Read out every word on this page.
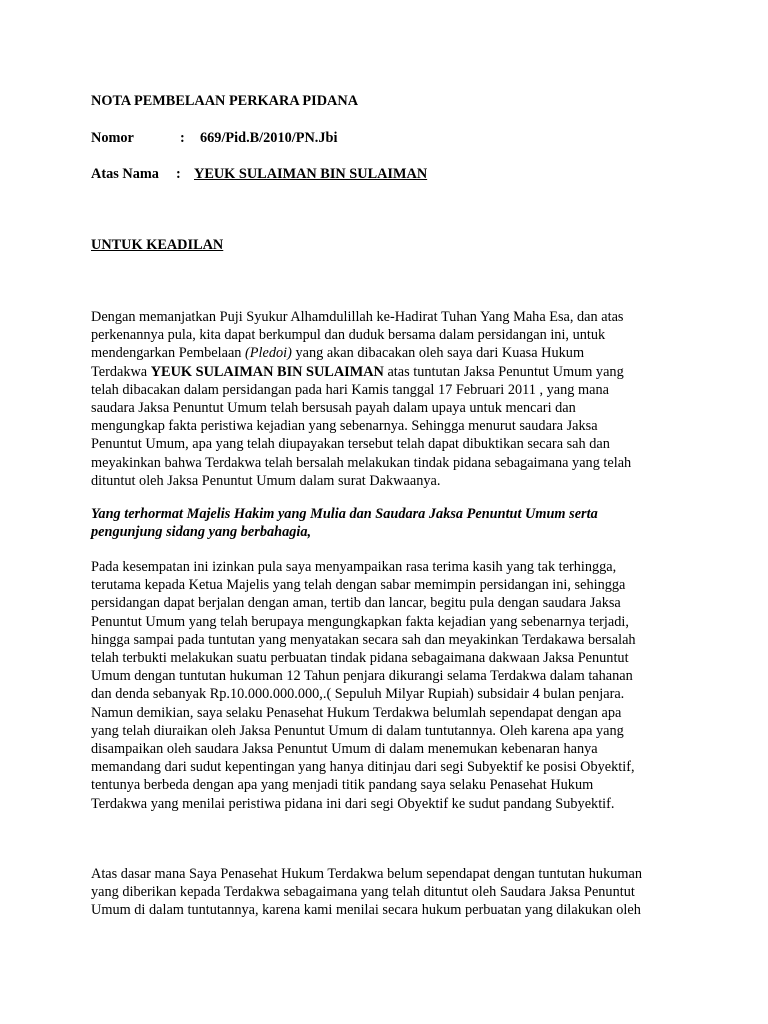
NOTA PEMBELAAN PERKARA PIDANA
Nomor	: 669/Pid.B/2010/PN.Jbi
Atas Nama : YEUK SULAIMAN BIN SULAIMAN
UNTUK KEADILAN
Dengan memanjatkan Puji Syukur Alhamdulillah ke-Hadirat Tuhan Yang Maha Esa, dan atas
perkenannya pula, kita dapat berkumpul dan duduk bersama dalam persidangan ini, untuk
mendengarkan Pembelaan (Pledoi) yang akan dibacakan oleh saya dari Kuasa Hukum
Terdakwa YEUK SULAIMAN BIN SULAIMAN atas tuntutan Jaksa Penuntut Umum yang
telah dibacakan dalam persidangan pada hari Kamis tanggal 17 Februari 2011 , yang mana
saudara Jaksa Penuntut Umum telah bersusah payah dalam upaya untuk mencari dan
mengungkap fakta peristiwa kejadian yang sebenarnya. Sehingga menurut saudara Jaksa
Penuntut Umum, apa yang telah diupayakan tersebut telah dapat dibuktikan secara sah dan
meyakinkan bahwa Terdakwa telah bersalah melakukan tindak pidana sebagaimana yang telah
dituntut oleh Jaksa Penuntut Umum dalam surat Dakwaanya.
Yang terhormat Majelis Hakim yang Mulia dan Saudara Jaksa Penuntut Umum serta
pengunjung sidang yang berbahagia,
Pada kesempatan ini izinkan pula saya menyampaikan rasa terima kasih yang tak terhingga,
terutama kepada Ketua Majelis yang telah dengan sabar memimpin persidangan ini, sehingga
persidangan dapat berjalan dengan aman, tertib dan lancar, begitu pula dengan saudara Jaksa
Penuntut Umum yang telah berupaya mengungkapkan fakta kejadian yang sebenarnya terjadi,
hingga sampai pada tuntutan yang menyatakan secara sah dan meyakinkan Terdakawa bersalah
telah terbukti melakukan suatu perbuatan tindak pidana sebagaimana dakwaan Jaksa Penuntut
Umum dengan tuntutan hukuman 12 Tahun penjara dikurangi selama Terdakwa dalam tahanan
dan denda sebanyak Rp.10.000.000.000,.( Sepuluh Milyar Rupiah) subsidair 4 bulan penjara.
Namun demikian, saya selaku Penasehat Hukum Terdakwa belumlah sependapat dengan apa
yang telah diuraikan oleh Jaksa Penuntut Umum di dalam tuntutannya. Oleh karena apa yang
disampaikan oleh saudara Jaksa Penuntut Umum di dalam menemukan kebenaran hanya
memandang dari sudut kepentingan yang hanya ditinjau dari segi Subyektif ke posisi Obyektif,
tentunya berbeda dengan apa yang menjadi titik pandang saya selaku Penasehat Hukum
Terdakwa yang menilai peristiwa pidana ini dari segi Obyektif ke sudut pandang Subyektif.
Atas dasar mana Saya Penasehat Hukum Terdakwa belum sependapat dengan tuntutan hukuman
yang diberikan kepada Terdakwa sebagaimana yang telah dituntut oleh Saudara Jaksa Penuntut
Umum di dalam tuntutannya, karena kami menilai secara hukum perbuatan yang dilakukan oleh
